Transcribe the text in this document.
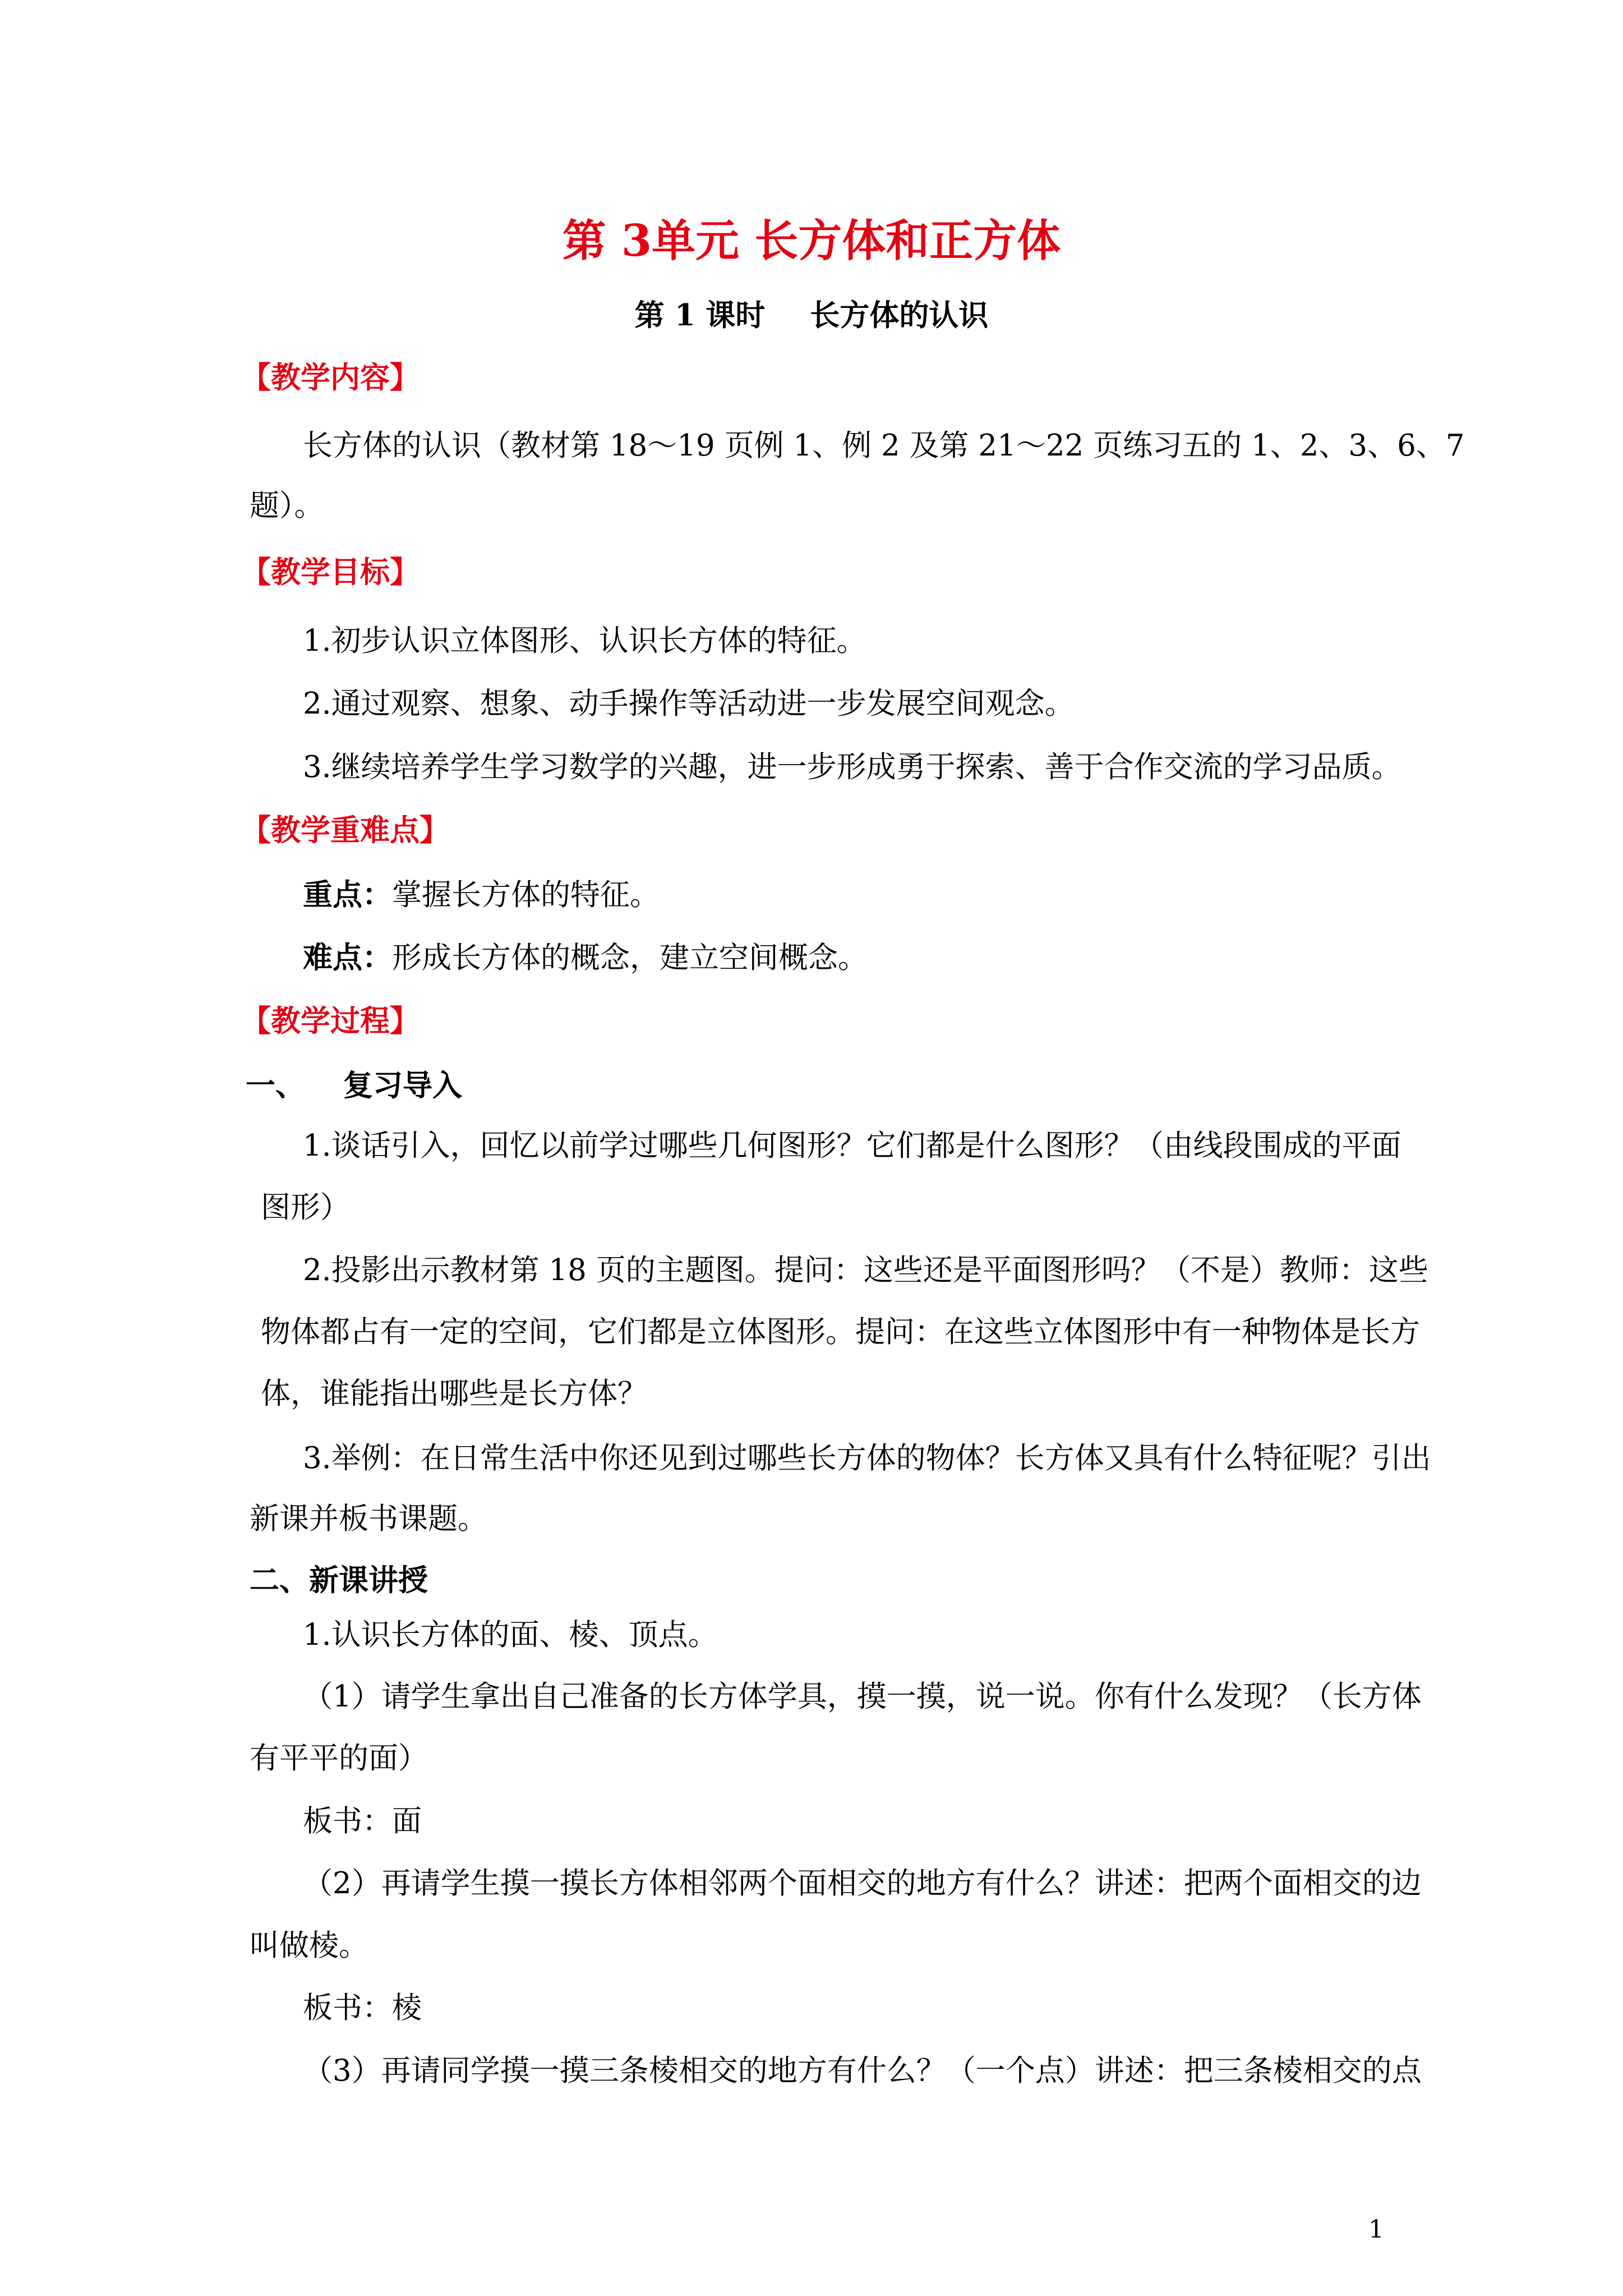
第 3单元 长方体和正方体
第 1 课时 长方体的认识
【教学内容】
长方体的认识（教材第 18～19 页例 1、例 2 及第 21～22 页练习五的 1、2、3、6、7
题）。
【教学目标】
1.初步认识立体图形、认识长方体的特征。
2.通过观察、想象、动手操作等活动进一步发展空间观念。
3.继续培养学生学习数学的兴趣，进一步形成勇于探索、善于合作交流的学习品质。
【教学重难点】
重点：掌握长方体的特征。
难点：形成长方体的概念，建立空间概念。
【教学过程】
一、 复习导入
1.谈话引入，回忆以前学过哪些几何图形？它们都是什么图形？（由线段围成的平面
图形）
2.投影出示教材第 18 页的主题图。提问：这些还是平面图形吗？（不是）教师：这些
物体都占有一定的空间，它们都是立体图形。提问：在这些立体图形中有一种物体是长方
体，谁能指出哪些是长方体？
3.举例：在日常生活中你还见到过哪些长方体的物体？长方体又具有什么特征呢？引出
新课并板书课题。
二、新课讲授
1.认识长方体的面、棱、顶点。
（1）请学生拿出自己准备的长方体学具，摸一摸，说一说。你有什么发现？（长方体
有平平的面）
板书：面
（2）再请学生摸一摸长方体相邻两个面相交的地方有什么？讲述：把两个面相交的边
叫做棱。
板书：棱
（3）再请同学摸一摸三条棱相交的地方有什么？（一个点）讲述：把三条棱相交的点
1
